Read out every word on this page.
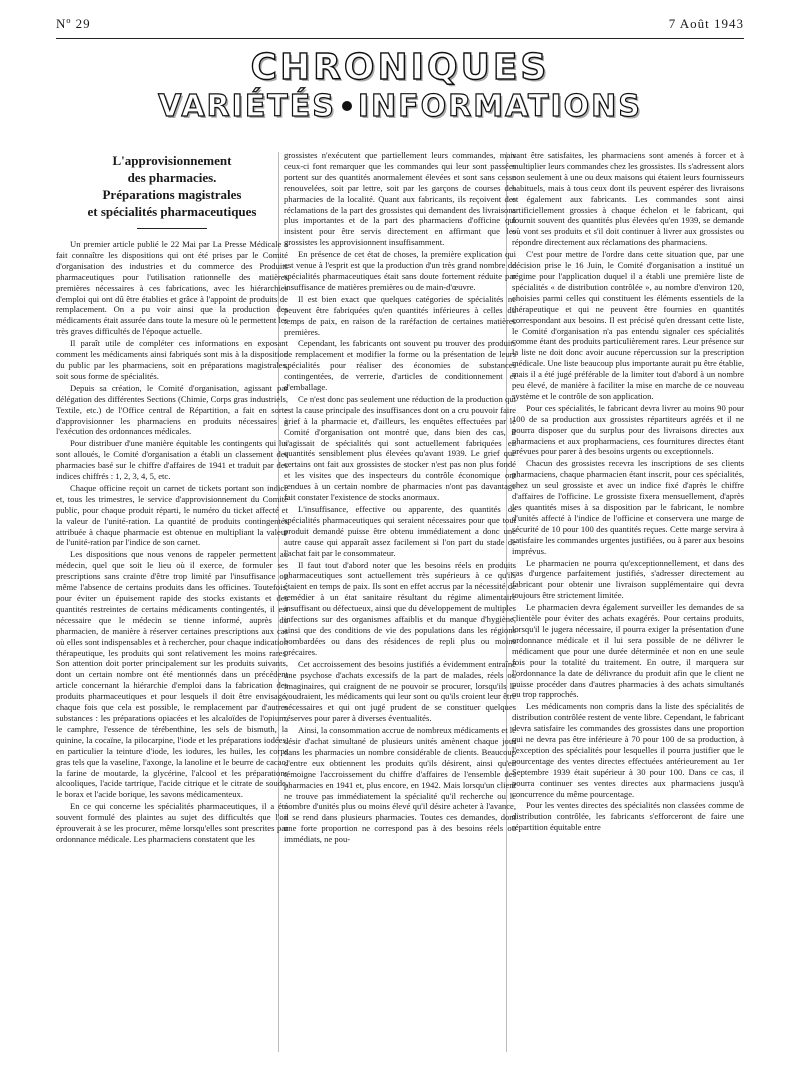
Nº 29	7 Août 1943
CHRONIQUES
VARIÉTÉS INFORMATIONS
L'approvisionnement
des pharmacies.
Préparations magistrales
et spécialités pharmaceutiques

Un premier article publié le 22 Mai par La Presse Médicale a fait connaître les dispositions qui ont été prises par le Comité d'organisation des industries et du commerce des Produits pharmaceutiques pour l'utilisation rationnelle des matières premières nécessaires à ces fabrications, avec les hiérarchies d'emploi qui ont dû être établies et grâce à l'appoint de produits de remplacement. On a pu voir ainsi que la production des médicaments était assurée dans toute la mesure où le permettent les très graves difficultés de l'époque actuelle.

Il paraît utile de compléter ces informations en exposant comment les médicaments ainsi fabriqués sont mis à la disposition du public par les pharmaciens, soit en préparations magistrales, soit sous forme de spécialités.

Depuis sa création, le Comité d'organisation, agissant par délégation des différentes Sections (Chimie, Corps gras industriels, Textile, etc.) de l'Office central de Répartition, a fait en sorte d'approvisionner les pharmaciens en produits nécessaires à l'exécution des ordonnances médicales.

Pour distribuer d'une manière équitable les contingents qui lui sont alloués, le Comité d'organisation a établi un classement des pharmacies basé sur le chiffre d'affaires de 1941 et traduit par des indices chiffrés : 1, 2, 3, 4, 5, etc.

Chaque officine reçoit un carnet de tickets portant son indice et, tous les trimestres, le service d'approvisionnement du Comité public, pour chaque produit réparti, le numéro du ticket affecté et la valeur de l'unité-ration. La quantité de produits contingentés attribuée à chaque pharmacie est obtenue en multipliant la valeur de l'unité-ration par l'indice de son carnet.

Les dispositions que nous venons de rappeler permettent au médecin, quel que soit le lieu où il exerce, de formuler ses prescriptions sans crainte d'être trop limité par l'insuffisance ou même l'absence de certains produits dans les officines. Toutefois, pour éviter un épuisement rapide des stocks existants et des quantités restreintes de certains médicaments contingentés, il est nécessaire que le médecin se tienne informé, auprès du pharmacien, de manière à réserver certaines prescriptions aux cas où elles sont indispensables et à rechercher, pour chaque indication thérapeutique, les produits qui sont relativement les moins rares. Son attention doit porter principalement sur les produits suivants, dont un certain nombre ont été mentionnés dans un précédent article concernant la hiérarchie d'emploi dans la fabrication des produits pharmaceutiques et pour lesquels il doit être envisagé, chaque fois que cela est possible, le remplacement par d'autres substances : les préparations opiacées et les alcaloïdes de l'opium, le camphre, l'essence de térébenthine, les sels de bismuth, la quinine, la cocaïne, la pilocarpine, l'iode et les préparations iodées, en particulier la teinture d'iode, les iodures, les huiles, les corps gras tels que la vaseline, l'axonge, la lanoline et le beurre de cacao, la farine de moutarde, la glycérine, l'alcool et les préparations alcooliques, l'acide tartrique, l'acide citrique et le citrate de soude, le borax et l'acide borique, les savons médicamenteux.

En ce qui concerne les spécialités pharmaceutiques, il a été souvent formulé des plaintes au sujet des difficultés que l'on éprouverait à se les procurer, même lorsqu'elles sont prescrites par ordonnance médicale. Les pharmaciens constatent que les

grossistes n'exécutent que partiellement leurs commandes, mais ceux-ci font remarquer que les commandes qui leur sont passées portent sur des quantités anormalement élevées et sont sans cesse renouvelées, soit par lettre, soit par les garçons de courses des pharmacies de la localité. Quant aux fabricants, ils reçoivent des réclamations de la part des grossistes qui demandent des livraisons plus importantes et de la part des pharmaciens d'officine qui insistent pour être servis directement en affirmant que les grossistes les approvisionnent insuffisamment.

En présence de cet état de choses, la première explication qui est venue à l'esprit est que la production d'un très grand nombre de spécialités pharmaceutiques était sans doute fortement réduite par insuffisance de matières premières ou de main-d'œuvre.

Il est bien exact que quelques catégories de spécialités ne peuvent être fabriquées qu'en quantités inférieures à celles du temps de paix, en raison de la raréfaction de certaines matières premières.

Cependant, les fabricants ont souvent pu trouver des produits de remplacement et modifier la forme ou la présentation de leurs spécialités pour réaliser des économies de substances contingentées, de verrerie, d'articles de conditionnement et d'emballage.

Ce n'est donc pas seulement une réduction de la production qui est la cause principale des insuffisances dont on a cru pouvoir faire grief à la pharmacie et, d'ailleurs, les enquêtes effectuées par le Comité d'organisation ont montré que, dans bien des cas, il s'agissait de spécialités qui sont actuellement fabriquées en quantités sensiblement plus élevées qu'avant 1939. Le grief que certains ont fait aux grossistes de stocker n'est pas non plus fondé et les visites que des inspecteurs du contrôle économique ont rendues à un certain nombre de pharmacies n'ont pas davantage fait constater l'existence de stocks anormaux.

L'insuffisance, effective ou apparente, des quantités de spécialités pharmaceutiques qui seraient nécessaires pour que tout produit demandé puisse être obtenu immédiatement a donc une autre cause qui apparaît assez facilement si l'on part du stade de l'achat fait par le consommateur.

Il faut tout d'abord noter que les besoins réels en produits pharmaceutiques sont actuellement très supérieurs à ce qu'ils étaient en temps de paix. Ils sont en effet accrus par la nécessité de remédier à un état sanitaire résultant du régime alimentaire insuffisant ou défectueux, ainsi que du développement de multiples infections sur des organismes affaiblis et du manque d'hygiène, ainsi que des conditions de vie des populations dans les régions bombardées ou dans des résidences de repli plus ou moins précaires.

Cet accroissement des besoins justifiés a évidemment entraîné une psychose d'achats excessifs de la part de malades, réels ou imaginaires, qui craignent de ne pouvoir se procurer, lorsqu'ils le voudraient, les médicaments qui leur sont ou qu'ils croient leur être nécessaires et qui ont jugé prudent de se constituer quelques réserves pour parer à diverses éventualités.

Ainsi, la consommation accrue de nombreux médicaments et le désir d'achat simultané de plusieurs unités amènent chaque jour dans les pharmacies un nombre considérable de clients. Beaucoup d'entre eux obtiennent les produits qu'ils désirent, ainsi qu'en témoigne l'accroissement du chiffre d'affaires de l'ensemble des pharmacies en 1941 et, plus encore, en 1942. Mais lorsqu'un client ne trouve pas immédiatement la spécialité qu'il recherche ou le nombre d'unités plus ou moins élevé qu'il désire acheter à l'avance, il se rend dans plusieurs pharmacies. Toutes ces demandes, dont une forte proportion ne correspond pas à des besoins réels ou immédiats, ne pou-

vant être satisfaites, les pharmaciens sont amenés à forcer et à multiplier leurs commandes chez les grossistes. Ils s'adressent alors non seulement à une ou deux maisons qui étaient leurs fournisseurs habituels, mais à tous ceux dont ils peuvent espérer des livraisons et également aux fabricants. Les commandes sont ainsi artificiellement grossies à chaque échelon et le fabricant, qui fournit souvent des quantités plus élevées qu'en 1939, se demande où vont ses produits et s'il doit continuer à livrer aux grossistes ou répondre directement aux réclamations des pharmaciens.

C'est pour mettre de l'ordre dans cette situation que, par une décision prise le 16 Juin, le Comité d'organisation a institué un régime pour l'application duquel il a établi une première liste de spécialités « de distribution contrôlée », au nombre d'environ 120, choisies parmi celles qui constituent les éléments essentiels de la thérapeutique et qui ne peuvent être fournies en quantités correspondant aux besoins. Il est précisé qu'en dressant cette liste, le Comité d'organisation n'a pas entendu signaler ces spécialités comme étant des produits particulièrement rares. Leur présence sur la liste ne doit donc avoir aucune répercussion sur la prescription médicale. Une liste beaucoup plus importante aurait pu être établie, mais il a été jugé préférable de la limiter tout d'abord à un nombre peu élevé, de manière à faciliter la mise en marche de ce nouveau système et le contrôle de son application.

Pour ces spécialités, le fabricant devra livrer au moins 90 pour 100 de sa production aux grossistes répartiteurs agréés et il ne pourra disposer que du surplus pour des livraisons directes aux pharmaciens et aux propharmaciens, ces fournitures directes étant prévues pour parer à des besoins urgents ou exceptionnels.

Chacun des grossistes recevra les inscriptions de ses clients pharmaciens, chaque pharmacien étant inscrit, pour ces spécialités, chez un seul grossiste et avec un indice fixé d'après le chiffre d'affaires de l'officine. Le grossiste fixera mensuellement, d'après les quantités mises à sa disposition par le fabricant, le nombre d'unités affecté à l'indice de l'officine et conservera une marge de sécurité de 10 pour 100 des quantités reçues. Cette marge servira à satisfaire les commandes urgentes justifiées, ou à parer aux besoins imprévus.

Le pharmacien ne pourra qu'exceptionnellement, et dans des cas d'urgence parfaitement justifiés, s'adresser directement au fabricant pour obtenir une livraison supplémentaire qui devra toujours être strictement limitée.

Le pharmacien devra également surveiller les demandes de sa clientèle pour éviter des achats exagérés. Pour certains produits, lorsqu'il le jugera nécessaire, il pourra exiger la présentation d'une ordonnance médicale et il lui sera possible de ne délivrer le médicament que pour une durée déterminée et non en une seule fois pour la totalité du traitement. En outre, il marquera sur l'ordonnance la date de délivrance du produit afin que le client ne puisse procéder dans d'autres pharmacies à des achats simultanés ou trop rapprochés.

Les médicaments non compris dans la liste des spécialités de distribution contrôlée restent de vente libre. Cependant, le fabricant devra satisfaire les commandes des grossistes dans une proportion qui ne devra pas être inférieure à 70 pour 100 de sa production, à l'exception des spécialités pour lesquelles il pourra justifier que le pourcentage des ventes directes effectuées antérieurement au 1er Septembre 1939 était supérieur à 30 pour 100. Dans ce cas, il pourra continuer ses ventes directes aux pharmaciens jusqu'à concurrence du même pourcentage.

Pour les ventes directes des spécialités non classées comme de distribution contrôlée, les fabricants s'efforceront de faire une répartition équitable entre
